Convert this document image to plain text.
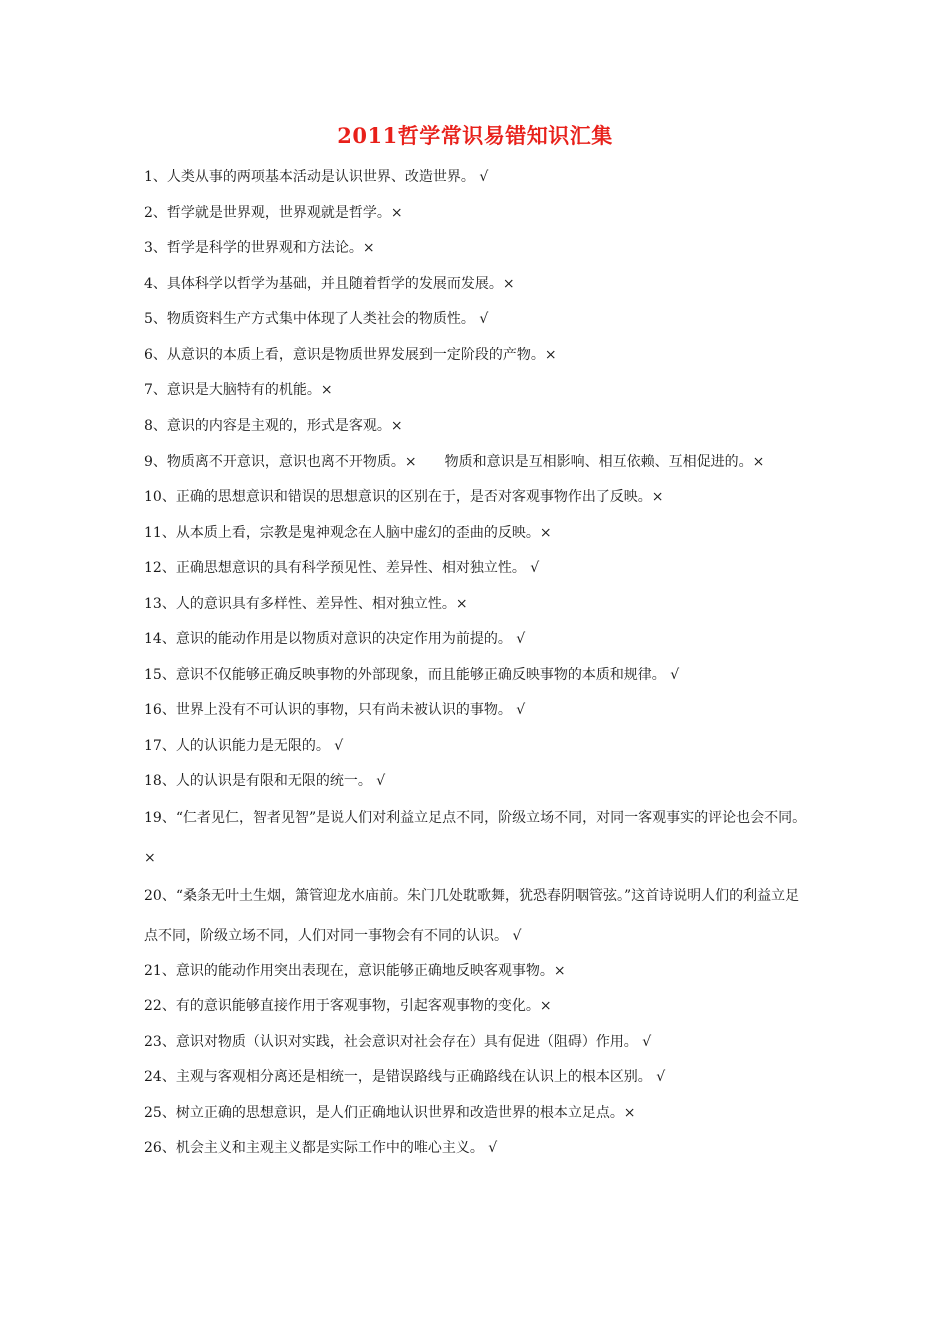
2011哲学常识易错知识汇集
1、人类从事的两项基本活动是认识世界、改造世界。 √
2、哲学就是世界观，世界观就是哲学。×
3、哲学是科学的世界观和方法论。×
4、具体科学以哲学为基础，并且随着哲学的发展而发展。×
5、物质资料生产方式集中体现了人类社会的物质性。 √
6、从意识的本质上看，意识是物质世界发展到一定阶段的产物。×
7、意识是大脑特有的机能。×
8、意识的内容是主观的，形式是客观。×
9、物质离不开意识，意识也离不开物质。×　　物质和意识是互相影响、相互依赖、互相促进的。×
10、正确的思想意识和错误的思想意识的区别在于，是否对客观事物作出了反映。×
11、从本质上看，宗教是鬼神观念在人脑中虚幻的歪曲的反映。×
12、正确思想意识的具有科学预见性、差异性、相对独立性。 √
13、人的意识具有多样性、差异性、相对独立性。×
14、意识的能动作用是以物质对意识的决定作用为前提的。 √
15、意识不仅能够正确反映事物的外部现象，而且能够正确反映事物的本质和规律。 √
16、世界上没有不可认识的事物，只有尚未被认识的事物。 √
17、人的认识能力是无限的。 √
18、人的认识是有限和无限的统一。 √
19、“仁者见仁，智者见智”是说人们对利益立足点不同，阶级立场不同，对同一客观事实的评论也会不同。×
20、“桑条无叶土生烟，箫管迎龙水庙前。朱门几处耽歌舞，犹恐春阴咽管弦。”这首诗说明人们的利益立足点不同，阶级立场不同，人们对同一事物会有不同的认识。 √
21、意识的能动作用突出表现在，意识能够正确地反映客观事物。×
22、有的意识能够直接作用于客观事物，引起客观事物的变化。×
23、意识对物质（认识对实践，社会意识对社会存在）具有促进（阻碍）作用。 √
24、主观与客观相分离还是相统一，是错误路线与正确路线在认识上的根本区别。 √
25、树立正确的思想意识，是人们正确地认识世界和改造世界的根本立足点。×
26、机会主义和主观主义都是实际工作中的唯心主义。 √
